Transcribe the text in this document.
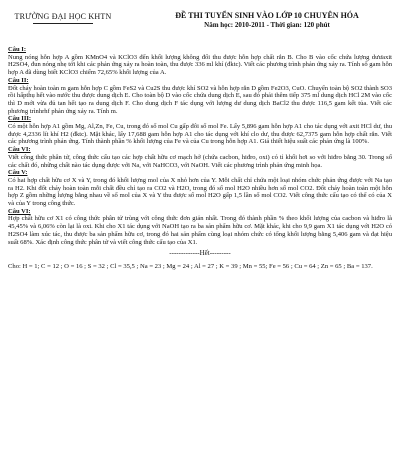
TRƯỜNG ĐẠI HỌC KHTN	ĐỀ THI TUYỂN SINH VÀO LỚP 10 CHUYÊN HÓA
Năm học: 2010-2011 - Thời gian: 120 phút
Câu I:
Nung nóng hỗn hợp A gồm KMnO4 và KClO3 đến khối lượng không đổi thu được hỗn hợp chất rắn B. Cho B vào cốc chứa lượng dưưaxit H2SO4, đun nóng nhẹ tới khi các phản ứng xảy ra hoàn toàn, thu được 336 ml khí (đktc). Viết các phương trình phản ứng xảy ra. Tính số gam hỗn hợp A đã dùng biết KClO3 chiếm 72,65% khối lượng của A.
Câu II:
Đốt cháy hoàn toàn m gam hỗn hợp C gồm FeS2 và Cu2S thu được khí SO2 và hỗn hợp rắn D gồm Fe2O3, CuO. Chuyển toàn bộ SO2 thành SO3 rồi hấpthụ hết vào nước thu được dung dịch E. Cho toàn bộ D vào cốc chứa dung dịch E, sau đó phải thêm tiếp 375 ml dung dịch HCl 2M vào cốc thì D mới vừa đủ tan hết tạo ra dung dịch F. Cho dung dịch F tác dụng với lượng dư dung dịch BaCl2 thu được 116,5 gam kết tủa. Viết các phương trìnhrhf phản ứng xảy ra. Tính m.
Câu III:
Có một hỗn hợp A1 gồm Mg, Al,Zn, Fe, Cu, trong đó số mol Cu gấp đôi số mol Fe. Lấy 5,896 gam hỗn hợp A1 cho tác dụng với axit HCl dư, thu được 4,2336 lít khí H2 (đktc). Mặt khác, lấy 17,688 gam hỗn hợp A1 cho tác dụng với khí clo dư, thu được 62,7375 gam hỗn hợp chất rắn. Viết các phương trình phản ứng. Tính thành phần % khối lượng của Fe và của Cu trong hỗn hợp A1. Giả thiết hiệu suất các phản ứng là 100%.
Câu VI:
Viết công thức phân tử, công thức cấu tạo các hợp chất hữu cơ mạch hở (chứa cacbon, hiđro, oxi) có tỉ khối hơi so với hiđro bằng 30. Trong số các chất đó, những chất nào tác dụng được với Na, với NaHCO3, với NaOH. Viết các phương trình phản ứng minh họa.
Câu V:
Có hai hợp chất hữu cơ X và Y, trong đó khối lượng mol của X nhỏ hơn của Y. Mỗi chất chỉ chứa một loại nhóm chức phản ứng được với Na tạo ra H2. Khi đốt cháy hoàn toàn mỗi chất đều chỉ tạo ra CO2 và H2O, trong đó số mol H2O nhiều hơn số mol CO2. Đốt cháy hoàn toàn một hỗn hợp Z gồm những lượng bằng nhau về số mol của X và Y thu được số mol H2O gấp 1,5 lần số mol CO2. Viết công thức cấu tạo có thể có của X và của Y trong công thức.
Câu VI:
Hợp chất hữu cơ X1 có công thức phân tử trùng với công thức đơn giản nhất. Trong đó thành phần % theo khối lượng của cacbon và hiđro là 45,45% và 6,06% còn lại là oxi. Khi cho X1 tác dụng với NaOH tạo ra ba sản phẩm hữu cơ. Mặt khác, khi cho 9,9 gam X1 tác dụng với H2O có H2SO4 làm xúc tác, thu được ba sản phẩm hữu cơ, trong đó hai sản phẩm cùng loại nhóm chức có tổng khối lượng bằng 5,406 gam và đạt hiệu suất 68%. Xác định công thức phân tử và viết công thức cấu tạo của X1.
-------------Hết---------
Cho: H = 1; C = 12 ; O = 16 ; S = 32 ; Cl = 35,5 ; Na = 23 ; Mg = 24 ; Al = 27 ; K = 39 ; Mn = 55; Fe = 56 ; Cu = 64 ; Zn = 65 ; Ba = 137.
